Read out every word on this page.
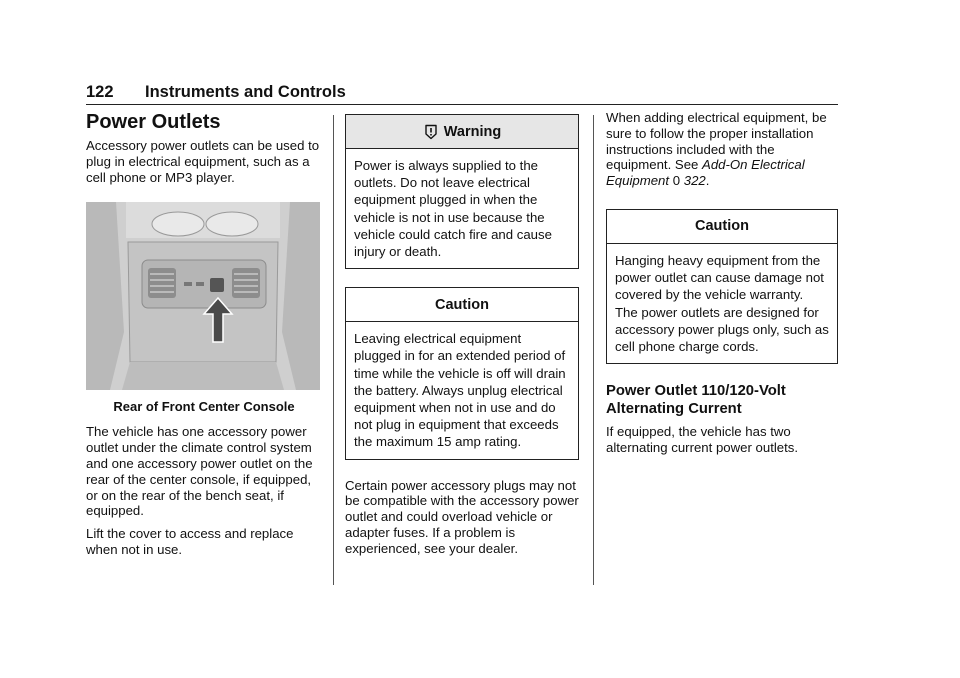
122 Instruments and Controls
Power Outlets

Accessory power outlets can be used to plug in electrical equipment, such as a cell phone or MP3 player.

Rear of Front Center Console

The vehicle has one accessory power outlet under the climate control system and one accessory power outlet on the rear of the center console, if equipped, or on the rear of the bench seat, if equipped.

Lift the cover to access and replace when not in use.

Warning
Power is always supplied to the outlets. Do not leave electrical equipment plugged in when the vehicle is not in use because the vehicle could catch fire and cause injury or death.
Caution
Leaving electrical equipment plugged in for an extended period of time while the vehicle is off will drain the battery. Always unplug electrical equipment when not in use and do not plug in equipment that exceeds the maximum 15 amp rating.

Certain power accessory plugs may not be compatible with the accessory power outlet and could overload vehicle or adapter fuses. If a problem is experienced, see your dealer.

When adding electrical equipment, be sure to follow the proper installation instructions included with the equipment. See Add-On Electrical Equipment 0 322.

Caution
Hanging heavy equipment from the power outlet can cause damage not covered by the vehicle warranty. The power outlets are designed for accessory power plugs only, such as cell phone charge cords.
Power Outlet 110/120-Volt Alternating Current

If equipped, the vehicle has two alternating current power outlets.
